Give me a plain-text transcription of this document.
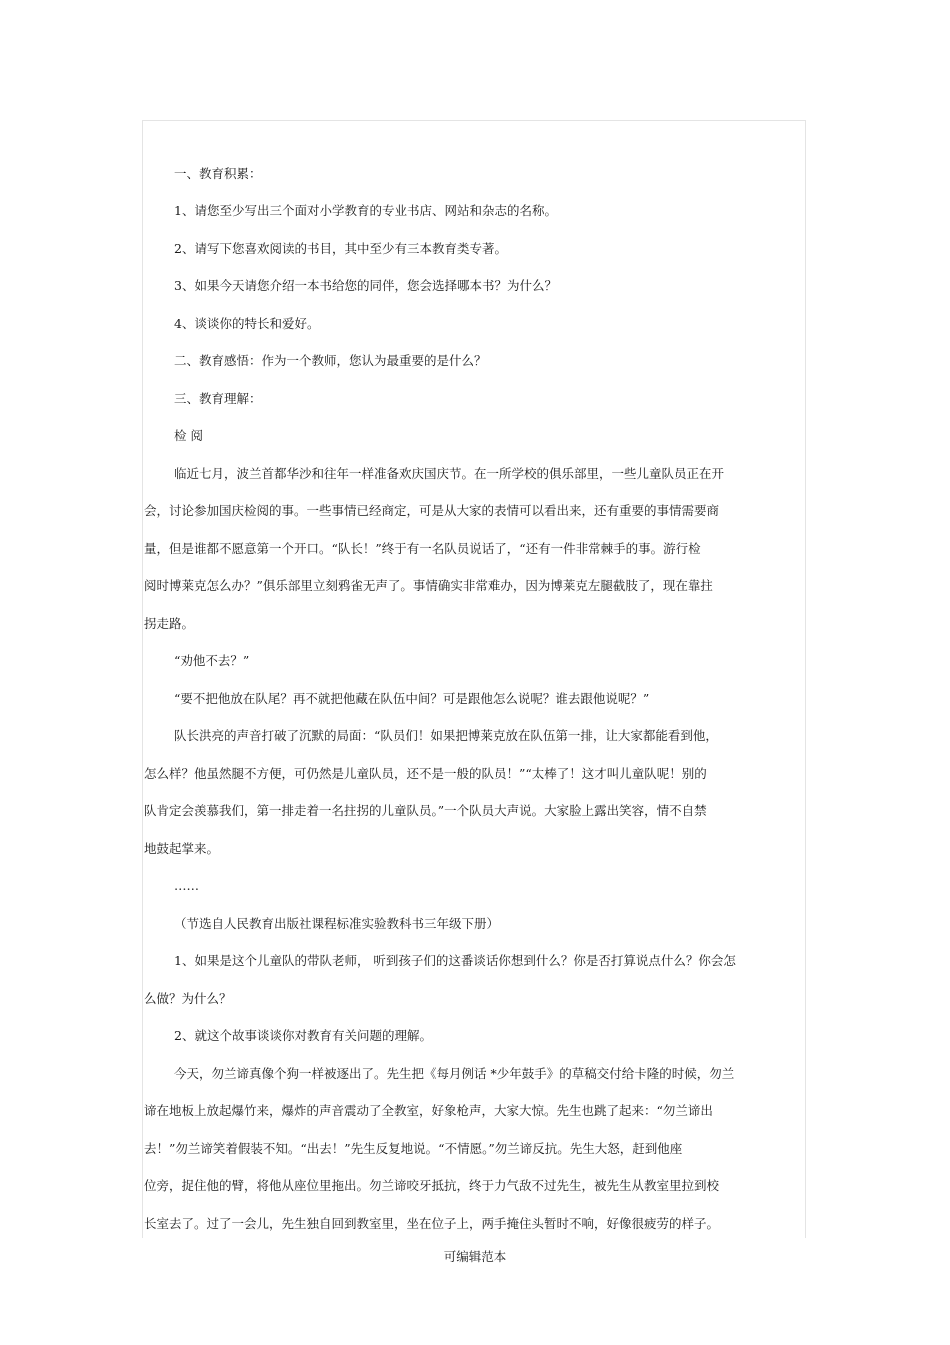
一、教育积累：
1、请您至少写出三个面对小学教育的专业书店、网站和杂志的名称。
2、请写下您喜欢阅读的书目，其中至少有三本教育类专著。
3、如果今天请您介绍一本书给您的同伴，您会选择哪本书？为什么？
4、谈谈你的特长和爱好。
二、教育感悟：作为一个教师，您认为最重要的是什么？
三、教育理解：
检 阅
临近七月，波兰首都华沙和往年一样准备欢庆国庆节。在一所学校的俱乐部里，一些儿童队员正在开
会，讨论参加国庆检阅的事。一些事情已经商定，可是从大家的表情可以看出来，还有重要的事情需要商
量，但是谁都不愿意第一个开口。“队长！”终于有一名队员说话了，“还有一件非常棘手的事。游行检
阅时博莱克怎么办？”俱乐部里立刻鸦雀无声了。事情确实非常难办，因为博莱克左腿截肢了，现在靠拄
拐走路。
“劝他不去？”
“要不把他放在队尾？再不就把他藏在队伍中间？可是跟他怎么说呢？谁去跟他说呢？”
队长洪亮的声音打破了沉默的局面：“队员们！如果把博莱克放在队伍第一排，让大家都能看到他，
怎么样？他虽然腿不方便，可仍然是儿童队员，还不是一般的队员！”“太棒了！这才叫儿童队呢！别的
队肯定会羡慕我们，第一排走着一名拄拐的儿童队员。”一个队员大声说。大家脸上露出笑容，情不自禁
地鼓起掌来。
……
（节选自人民教育出版社课程标准实验教科书三年级下册）
1、如果是这个儿童队的带队老师， 听到孩子们的这番谈话你想到什么？你是否打算说点什么？你会怎
么做？为什么？
2、就这个故事谈谈你对教育有关问题的理解。
今天，勿兰谛真像个狗一样被逐出了。先生把《每月例话 *少年鼓手》的草稿交付给卡隆的时候，勿兰
谛在地板上放起爆竹来，爆炸的声音震动了全教室，好象枪声，大家大惊。先生也跳了起来：“勿兰谛出
去！”勿兰谛笑着假装不知。“出去！”先生反复地说。“不情愿。”勿兰谛反抗。先生大怒，赶到他座
位旁，捉住他的臂，将他从座位里拖出。勿兰谛咬牙抵抗，终于力气敌不过先生，被先生从教室里拉到校
长室去了。过了一会儿，先生独自回到教室里，坐在位子上，两手掩住头暂时不响，好像很疲劳的样子。
可编辑范本
